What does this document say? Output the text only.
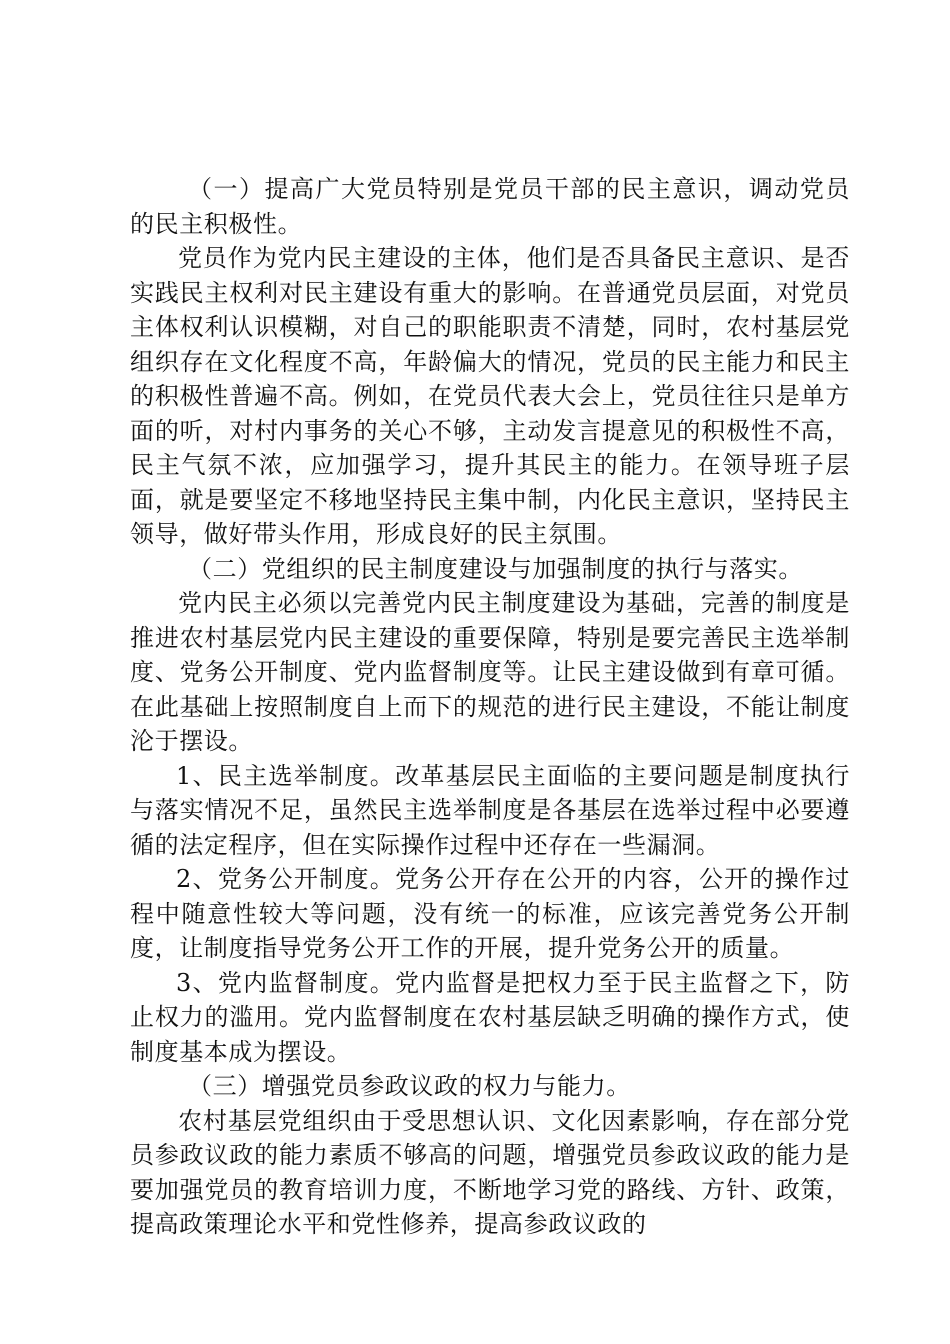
（一）提高广大党员特别是党员干部的民主意识，调动党员的民主积极性。

党员作为党内民主建设的主体，他们是否具备民主意识、是否实践民主权利对民主建设有重大的影响。在普通党员层面，对党员主体权利认识模糊，对自己的职能职责不清楚，同时，农村基层党组织存在文化程度不高，年龄偏大的情况，党员的民主能力和民主的积极性普遍不高。例如，在党员代表大会上，党员往往只是单方面的听，对村内事务的关心不够，主动发言提意见的积极性不高，民主气氛不浓，应加强学习，提升其民主的能力。在领导班子层面，就是要坚定不移地坚持民主集中制，内化民主意识，坚持民主领导，做好带头作用，形成良好的民主氛围。

（二）党组织的民主制度建设与加强制度的执行与落实。

党内民主必须以完善党内民主制度建设为基础，完善的制度是推进农村基层党内民主建设的重要保障，特别是要完善民主选举制度、党务公开制度、党内监督制度等。让民主建设做到有章可循。在此基础上按照制度自上而下的规范的进行民主建设，不能让制度沦于摆设。

1、民主选举制度。改革基层民主面临的主要问题是制度执行与落实情况不足，虽然民主选举制度是各基层在选举过程中必要遵循的法定程序，但在实际操作过程中还存在一些漏洞。

2、党务公开制度。党务公开存在公开的内容，公开的操作过程中随意性较大等问题，没有统一的标准，应该完善党务公开制度，让制度指导党务公开工作的开展，提升党务公开的质量。

3、党内监督制度。党内监督是把权力至于民主监督之下，防止权力的滥用。党内监督制度在农村基层缺乏明确的操作方式，使制度基本成为摆设。

（三）增强党员参政议政的权力与能力。

农村基层党组织由于受思想认识、文化因素影响，存在部分党员参政议政的能力素质不够高的问题，增强党员参政议政的能力是要加强党员的教育培训力度，不断地学习党的路线、方针、政策，提高政策理论水平和党性修养，提高参政议政的
